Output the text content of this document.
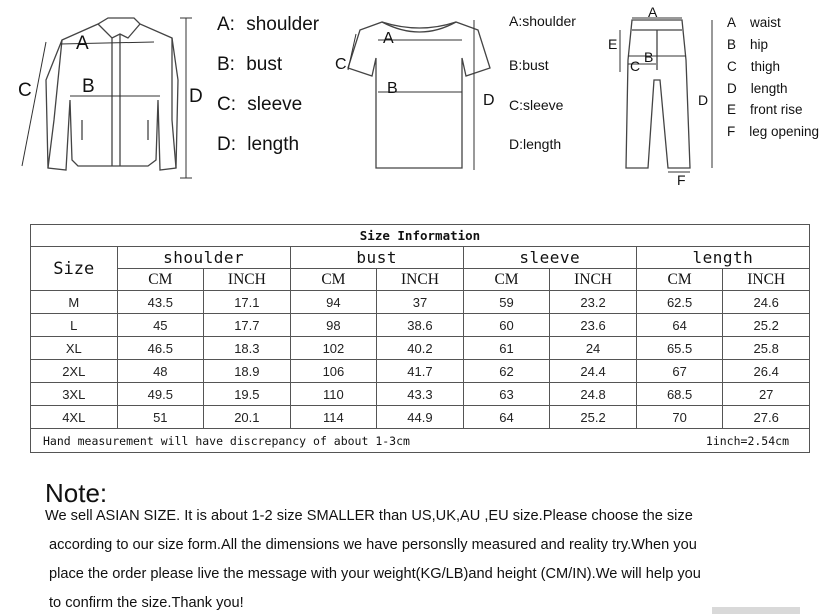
A
B
C	D
A: shoulder
B: bust
C: sleeve
D: length
A
B
C
D
A:shoulder
B:bust
C:sleeve
D:length
A
B
C
D
E
F
A waist
B hip
C thigh
D length
E front rise
F leg opening
Size Information								
Size	shoulder		bust		sleeve		length	
	CM	INCH	CM	INCH	CM	INCH	CM	INCH
M	43.5	17.1	94	37	59	23.2	62.5	24.6
L	45	17.7	98	38.6	60	23.6	64	25.2
XL	46.5	18.3	102	40.2	61	24	65.5	25.8
2XL	48	18.9	106	41.7	62	24.4	67	26.4
3XL	49.5	19.5	110	43.3	63	24.8	68.5	27
4XL	51	20.1	114	44.9	64	25.2	70	27.6

Hand measurement will have discrepancy of about 1-3cm 1inch=2.54cm								
Note:
We sell ASIAN SIZE. It is about 1-2 size SMALLER than US,UK,AU ,EU size.Please choose the size
according to our size form.All the dimensions we have personslly measured and reality try.When you
place the order please live the message with your weight(KG/LB)and height (CM/IN).We will help you
to confirm the size.Thank you!
